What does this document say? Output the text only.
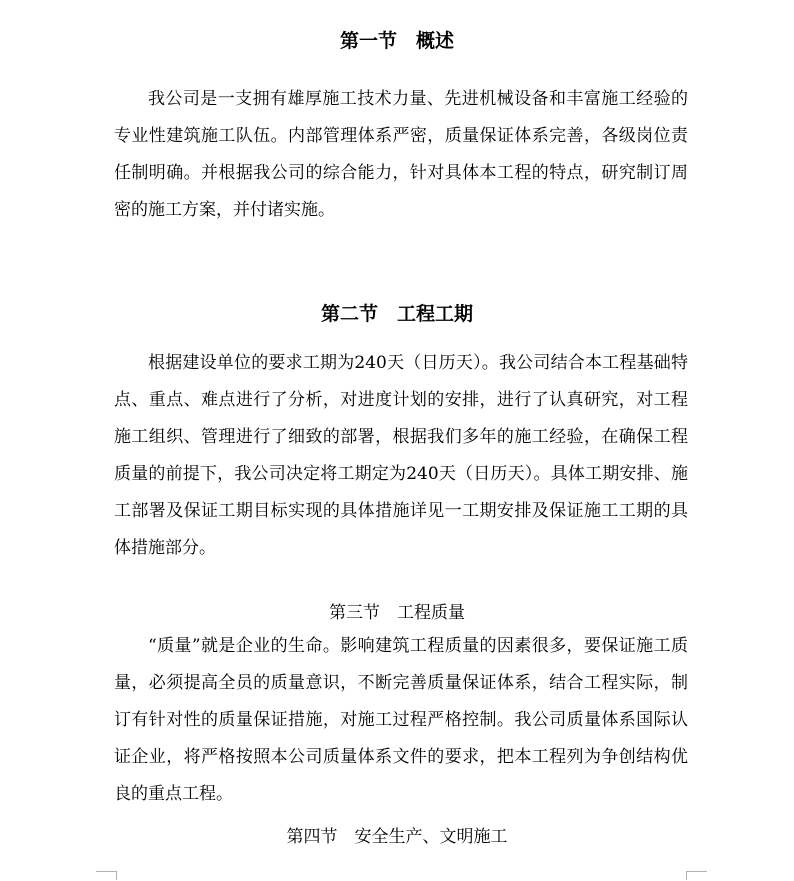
第一节　概述

我公司是一支拥有雄厚施工技术力量、先进机械设备和丰富施工经验的专业性建筑施工队伍。内部管理体系严密，质量保证体系完善，各级岗位责任制明确。并根据我公司的综合能力，针对具体本工程的特点，研究制订周密的施工方案，并付诸实施。

第二节　工程工期

根据建设单位的要求工期为240天（日历天）。我公司结合本工程基础特点、重点、难点进行了分析，对进度计划的安排，进行了认真研究，对工程施工组织、管理进行了细致的部署，根据我们多年的施工经验，在确保工程质量的前提下，我公司决定将工期定为240天（日历天）。具体工期安排、施工部署及保证工期目标实现的具体措施详见一工期安排及保证施工工期的具体措施部分。

第三节　工程质量

“质量”就是企业的生命。影响建筑工程质量的因素很多，要保证施工质量，必须提高全员的质量意识，不断完善质量保证体系，结合工程实际，制订有针对性的质量保证措施，对施工过程严格控制。我公司质量体系国际认证企业，将严格按照本公司质量体系文件的要求，把本工程列为争创结构优良的重点工程。

第四节　安全生产、文明施工
